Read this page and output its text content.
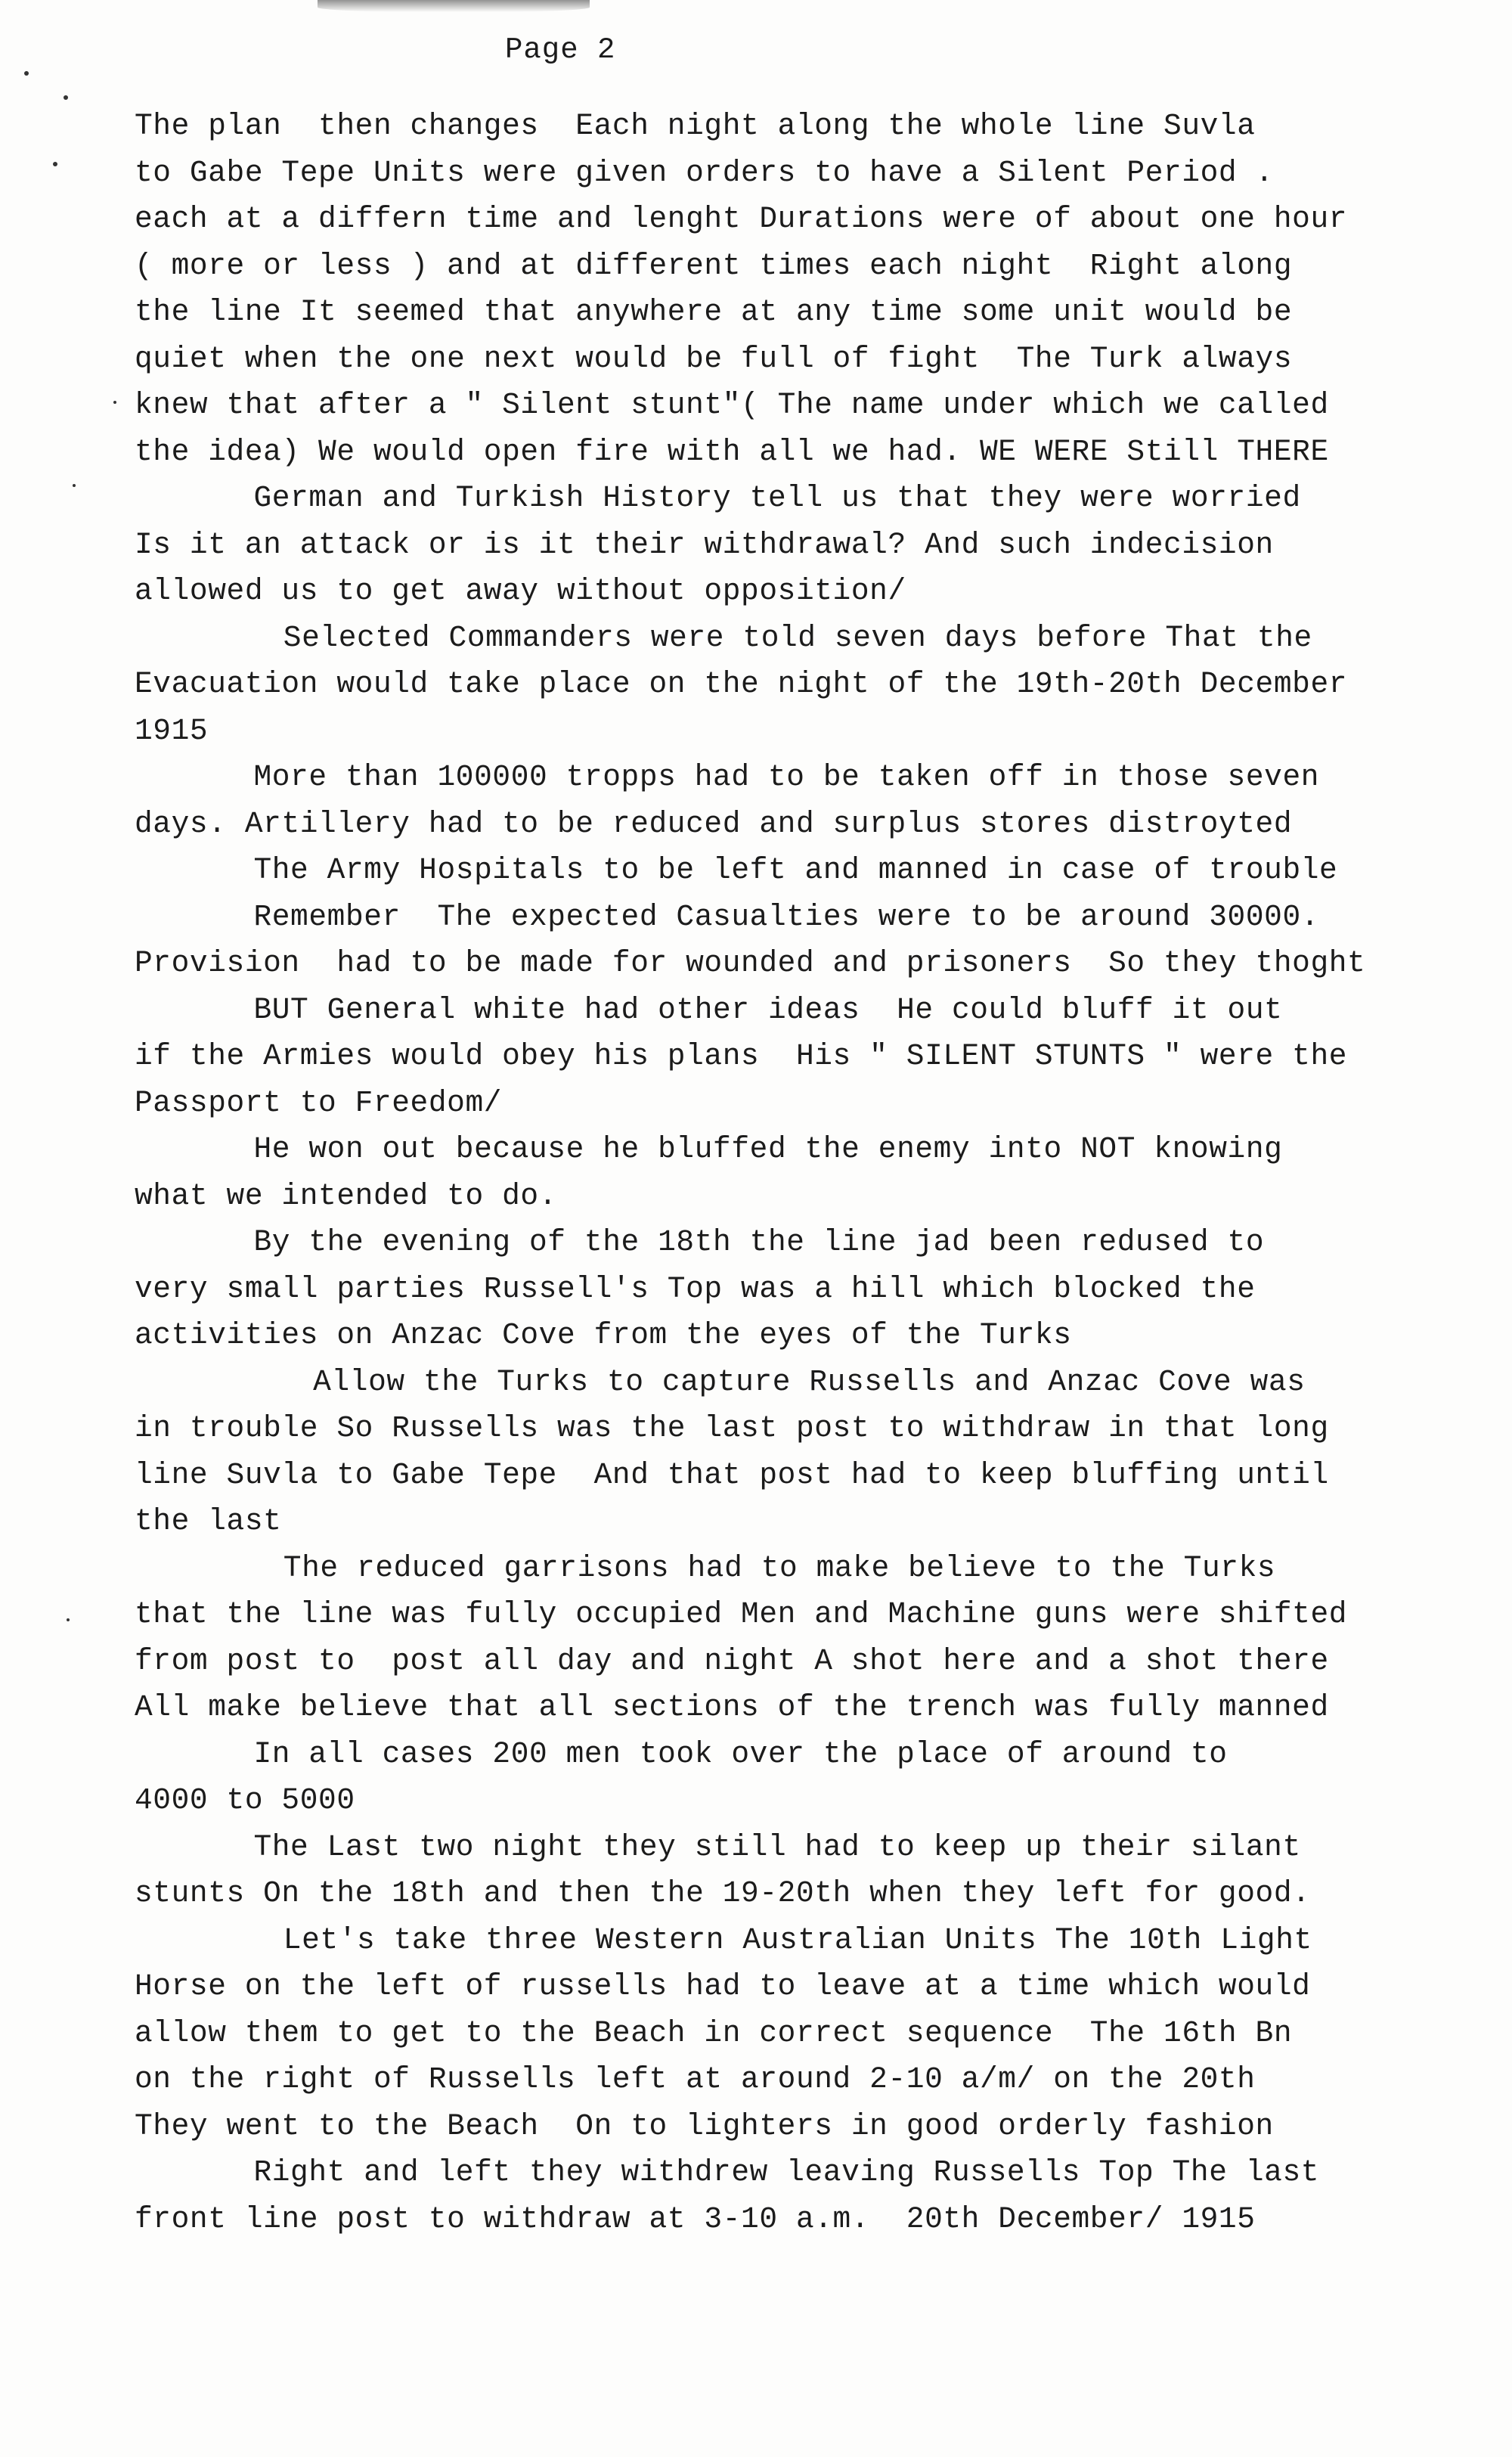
Page 2
The plan  then changes  Each night along the whole line Suvla
to Gabe Tepe Units were given orders to have a Silent Period .
each at a differn time and lenght Durations were of about one hour
( more or less ) and at different times each night  Right along
the line It seemed that anywhere at any time some unit would be
quiet when the one next would be full of fight  The Turk always
knew that after a " Silent stunt"( The name under which we called
the idea) We would open fire with all we had. WE WERE Still THERE
German and Turkish History tell us that they were worried
Is it an attack or is it their withdrawal? And such indecision
allowed us to get away without opposition/
Selected Commanders were told seven days before That the
Evacuation would take place on the night of the 19th-20th December
1915
More than 100000 tropps had to be taken off in those seven
days. Artillery had to be reduced and surplus stores distroyted
The Army Hospitals to be left and manned in case of trouble
Remember  The expected Casualties were to be around 30000.
Provision  had to be made for wounded and prisoners  So they thoght
BUT General white had other ideas  He could bluff it out
if the Armies would obey his plans  His " SILENT STUNTS " were the
Passport to Freedom/
He won out because he bluffed the enemy into NOT knowing
what we intended to do.
By the evening of the 18th the line jad been redused to
very small parties Russell's Top was a hill which blocked the
activities on Anzac Cove from the eyes of the Turks
Allow the Turks to capture Russells and Anzac Cove was
in trouble So Russells was the last post to withdraw in that long
line Suvla to Gabe Tepe  And that post had to keep bluffing until
the last
The reduced garrisons had to make believe to the Turks
that the line was fully occupied Men and Machine guns were shifted
from post to  post all day and night A shot here and a shot there
All make believe that all sections of the trench was fully manned
In all cases 200 men took over the place of around to
4000 to 5000
The Last two night they still had to keep up their silant
stunts On the 18th and then the 19-20th when they left for good.
Let's take three Western Australian Units The 10th Light
Horse on the left of russells had to leave at a time which would
allow them to get to the Beach in correct sequence  The 16th Bn
on the right of Russells left at around 2-10 a/m/ on the 20th
They went to the Beach  On to lighters in good orderly fashion
Right and left they withdrew leaving Russells Top The last
front line post to withdraw at 3-10 a.m.  20th December/ 1915
